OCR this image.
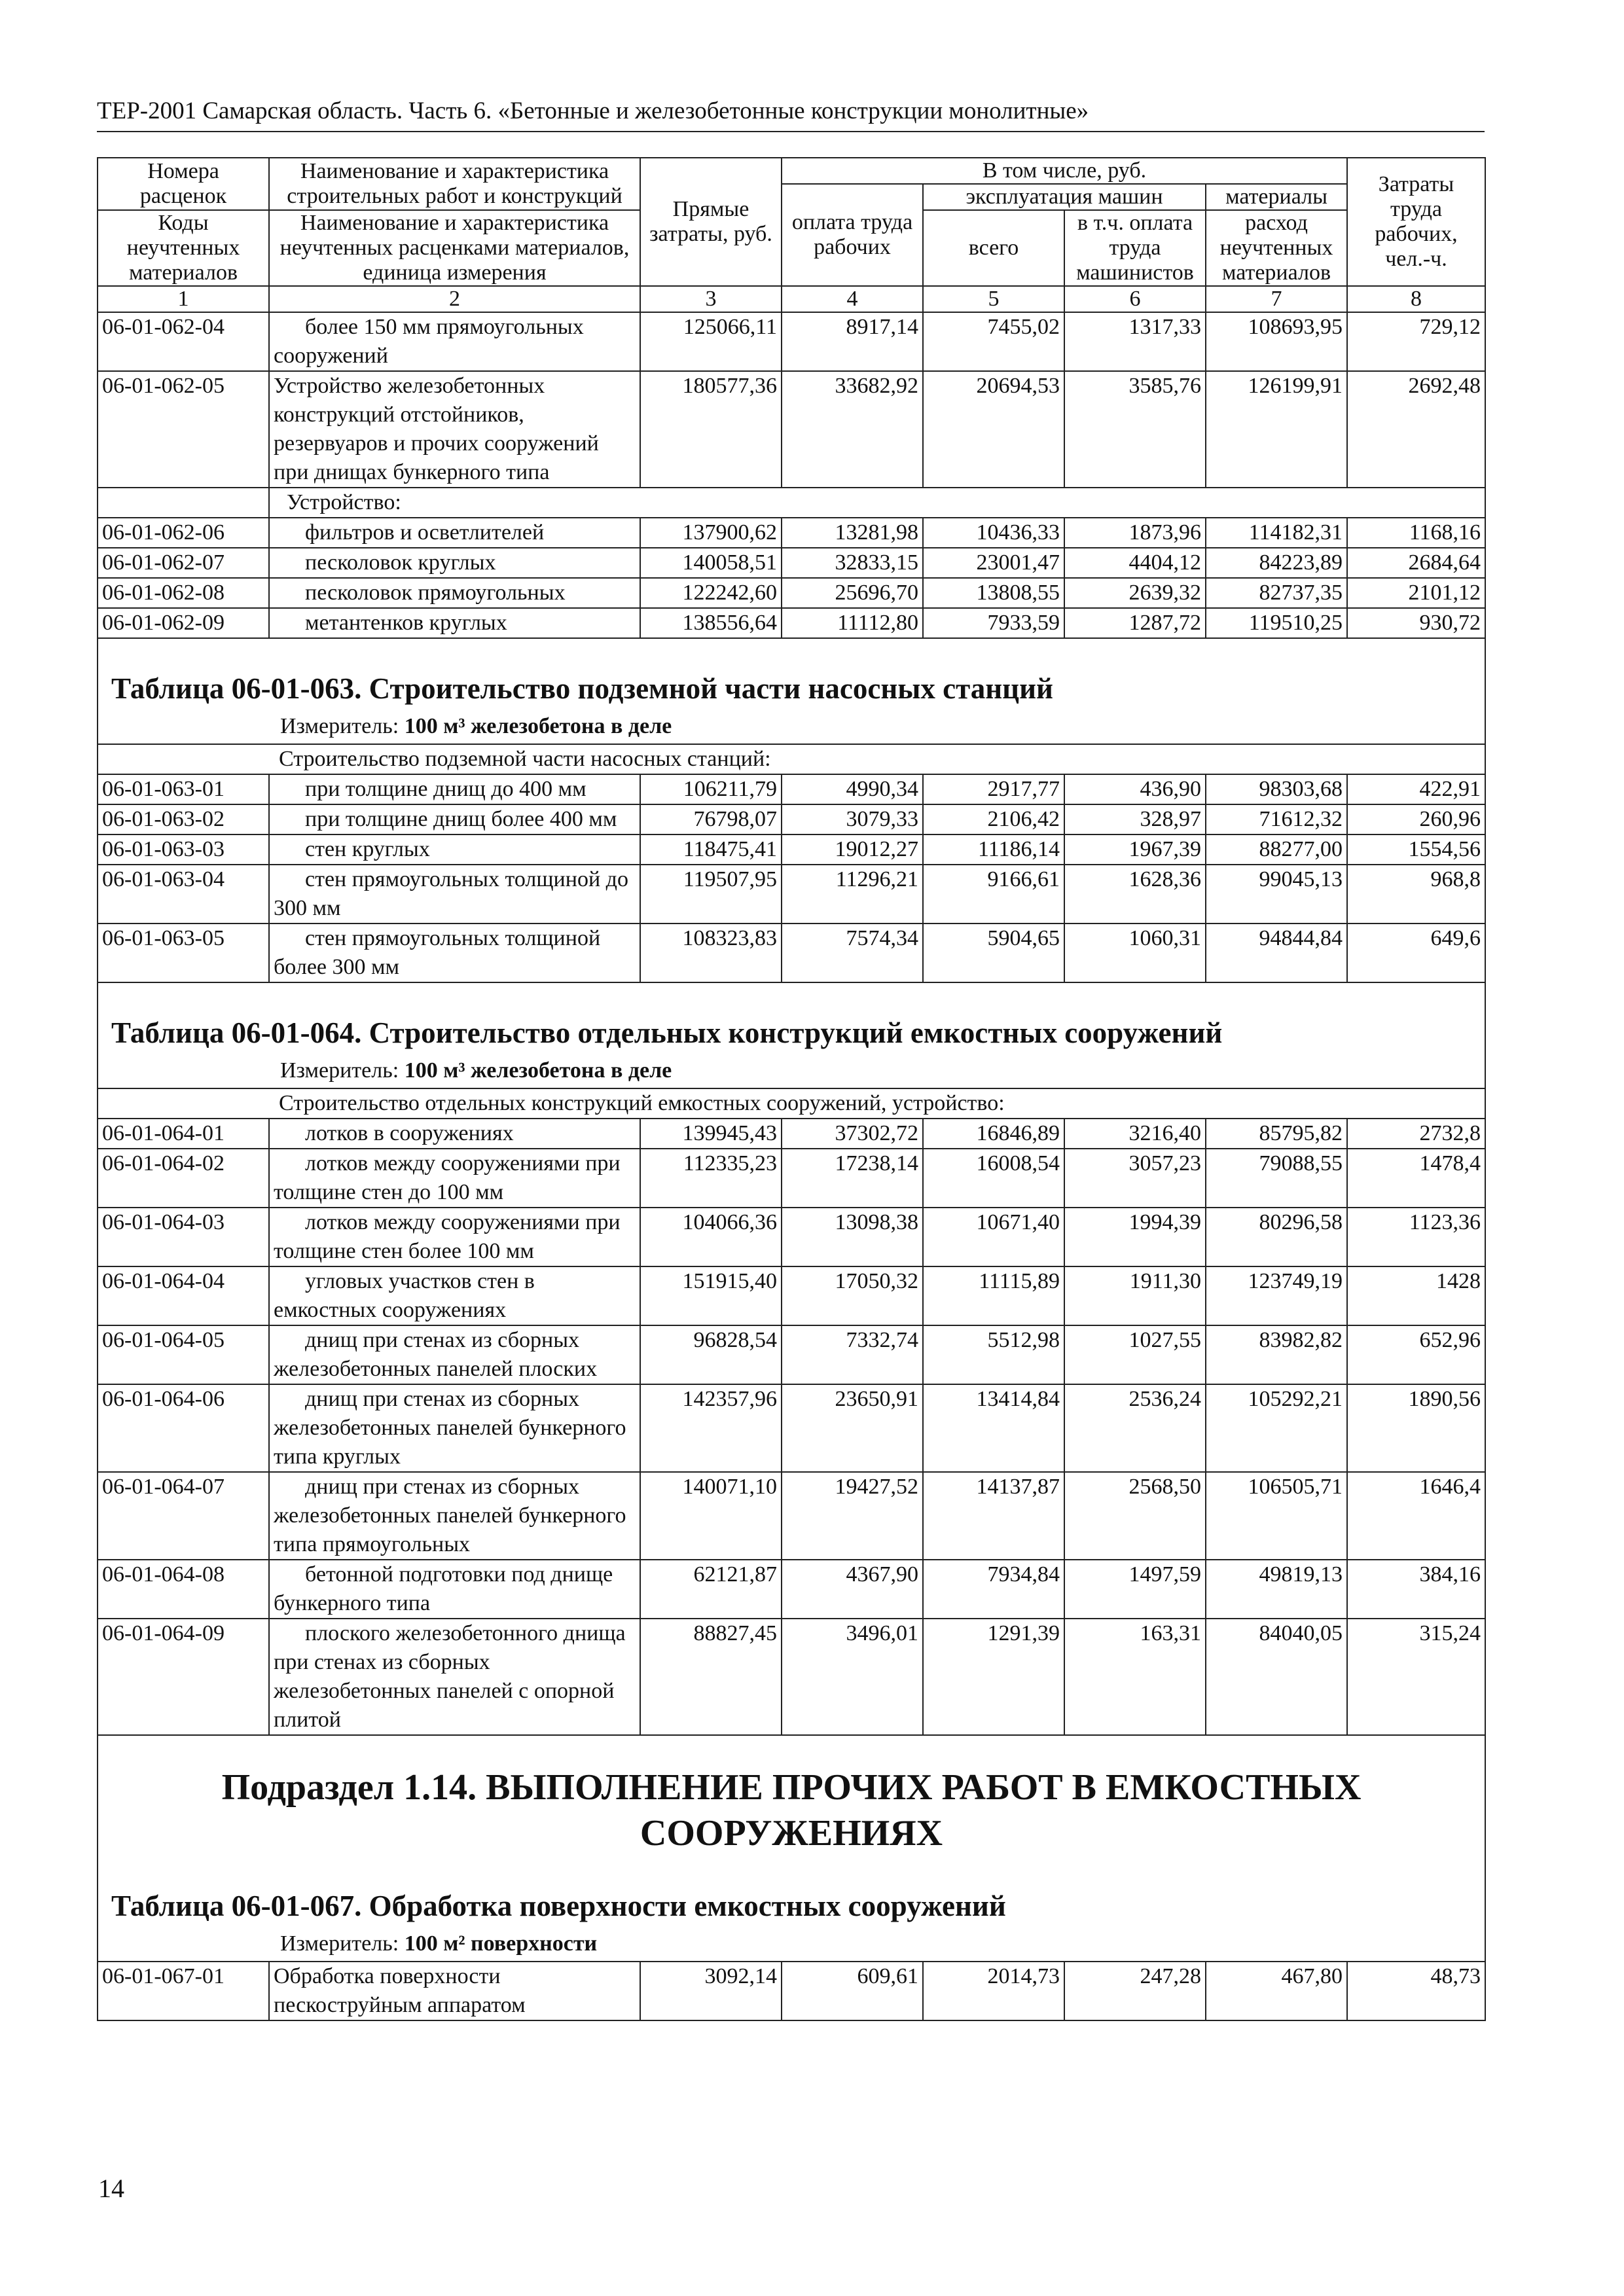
ТЕР-2001 Самарская область. Часть 6. «Бетонные и железобетонные конструкции монолитные»
Номера расценок	Наименование и характеристика строительных работ и конструкций	Прямые затраты, руб.	В том числе, руб.				Затраты труда рабочих, чел.-ч.
			оплата труда рабочих	эксплуатация машин		материалы	
Коды неучтенных материалов	Наименование и характеристика неучтенных расценками материалов, единица измерения			всего	в т.ч. оплата труда машинистов	расход неучтенных материалов	

1	2	3	4	5	6	7	8
06-01-062-04	более 150 мм прямоугольных сооружений	125066,11	8917,14	7455,02	1317,33	108693,95	729,12
06-01-062-05	Устройство железобетонных конструкций отстойников, резервуаров и прочих сооружений при днищах бункерного типа	180577,36	33682,92	20694,53	3585,76	126199,91	2692,48
	Устройство:						
06-01-062-06	фильтров и осветлителей	137900,62	13281,98	10436,33	1873,96	114182,31	1168,16
06-01-062-07	песколовок круглых	140058,51	32833,15	23001,47	4404,12	84223,89	2684,64
06-01-062-08	песколовок прямоугольных	122242,60	25696,70	13808,55	2639,32	82737,35	2101,12
06-01-062-09	метантенков круглых	138556,64	11112,80	7933,59	1287,72	119510,25	930,72

Таблица 06-01-063. Строительство подземной части насосных станций
Измеритель: 100 м³ железобетона в деле							

Строительство подземной части насосных станций:							
06-01-063-01	при толщине днищ до 400 мм	106211,79	4990,34	2917,77	436,90	98303,68	422,91
06-01-063-02	при толщине днищ более 400 мм	76798,07	3079,33	2106,42	328,97	71612,32	260,96
06-01-063-03	стен круглых	118475,41	19012,27	11186,14	1967,39	88277,00	1554,56
06-01-063-04	стен прямоугольных толщиной до 300 мм	119507,95	11296,21	9166,61	1628,36	99045,13	968,8
06-01-063-05	стен прямоугольных толщиной более 300 мм	108323,83	7574,34	5904,65	1060,31	94844,84	649,6

Таблица 06-01-064. Строительство отдельных конструкций емкостных сооружений
Измеритель: 100 м³ железобетона в деле							

Строительство отдельных конструкций емкостных сооружений, устройство:							
06-01-064-01	лотков в сооружениях	139945,43	37302,72	16846,89	3216,40	85795,82	2732,8
06-01-064-02	лотков между сооружениями при толщине стен до 100 мм	112335,23	17238,14	16008,54	3057,23	79088,55	1478,4
06-01-064-03	лотков между сооружениями при толщине стен более 100 мм	104066,36	13098,38	10671,40	1994,39	80296,58	1123,36
06-01-064-04	угловых участков стен в емкостных сооружениях	151915,40	17050,32	11115,89	1911,30	123749,19	1428
06-01-064-05	днищ при стенах из сборных железобетонных панелей плоских	96828,54	7332,74	5512,98	1027,55	83982,82	652,96
06-01-064-06	днищ при стенах из сборных железобетонных панелей бункерного типа круглых	142357,96	23650,91	13414,84	2536,24	105292,21	1890,56
06-01-064-07	днищ при стенах из сборных железобетонных панелей бункерного типа прямоугольных	140071,10	19427,52	14137,87	2568,50	106505,71	1646,4
06-01-064-08	бетонной подготовки под днище бункерного типа	62121,87	4367,90	7934,84	1497,59	49819,13	384,16
06-01-064-09	плоского железобетонного днища при стенах из сборных железобетонных панелей с опорной плитой	88827,45	3496,01	1291,39	163,31	84040,05	315,24

Подраздел 1.14. ВЫПОЛНЕНИЕ ПРОЧИХ РАБОТ В ЕМКОСТНЫХ СООРУЖЕНИЯХ
Таблица 06-01-067. Обработка поверхности емкостных сооружений
Измеритель: 100 м² поверхности							

06-01-067-01	Обработка поверхности пескоструйным аппаратом	3092,14	609,61	2014,73	247,28	467,80	48,73
14
